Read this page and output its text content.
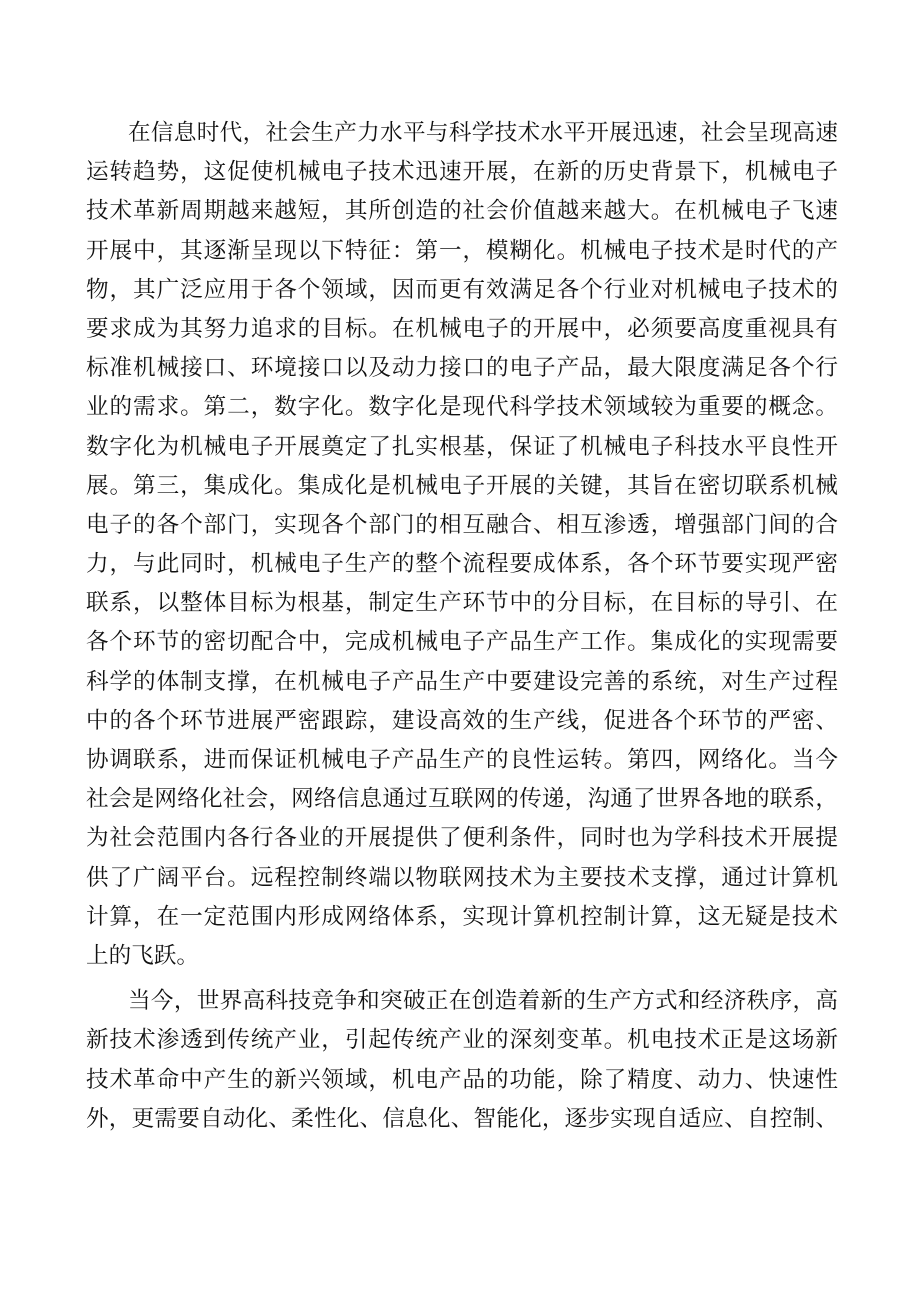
在信息时代，社会生产力水平与科学技术水平开展迅速，社会呈现高速
运转趋势，这促使机械电子技术迅速开展，在新的历史背景下，机械电子
技术革新周期越来越短，其所创造的社会价值越来越大。在机械电子飞速
开展中，其逐渐呈现以下特征：第一，模糊化。机械电子技术是时代的产
物，其广泛应用于各个领域，因而更有效满足各个行业对机械电子技术的
要求成为其努力追求的目标。在机械电子的开展中，必须要高度重视具有
标准机械接口、环境接口以及动力接口的电子产品，最大限度满足各个行
业的需求。第二，数字化。数字化是现代科学技术领域较为重要的概念。
数字化为机械电子开展奠定了扎实根基，保证了机械电子科技水平良性开
展。第三，集成化。集成化是机械电子开展的关键，其旨在密切联系机械
电子的各个部门，实现各个部门的相互融合、相互渗透，增强部门间的合
力，与此同时，机械电子生产的整个流程要成体系，各个环节要实现严密
联系，以整体目标为根基，制定生产环节中的分目标，在目标的导引、在
各个环节的密切配合中，完成机械电子产品生产工作。集成化的实现需要
科学的体制支撑，在机械电子产品生产中要建设完善的系统，对生产过程
中的各个环节进展严密跟踪，建设高效的生产线，促进各个环节的严密、
协调联系，进而保证机械电子产品生产的良性运转。第四，网络化。当今
社会是网络化社会，网络信息通过互联网的传递，沟通了世界各地的联系，
为社会范围内各行各业的开展提供了便利条件，同时也为学科技术开展提
供了广阔平台。远程控制终端以物联网技术为主要技术支撑，通过计算机
计算，在一定范围内形成网络体系，实现计算机控制计算，这无疑是技术
上的飞跃。
当今，世界高科技竞争和突破正在创造着新的生产方式和经济秩序，高
新技术渗透到传统产业，引起传统产业的深刻变革。机电技术正是这场新
技术革命中产生的新兴领域，机电产品的功能，除了精度、动力、快速性
外，更需要自动化、柔性化、信息化、智能化，逐步实现自适应、自控制、
